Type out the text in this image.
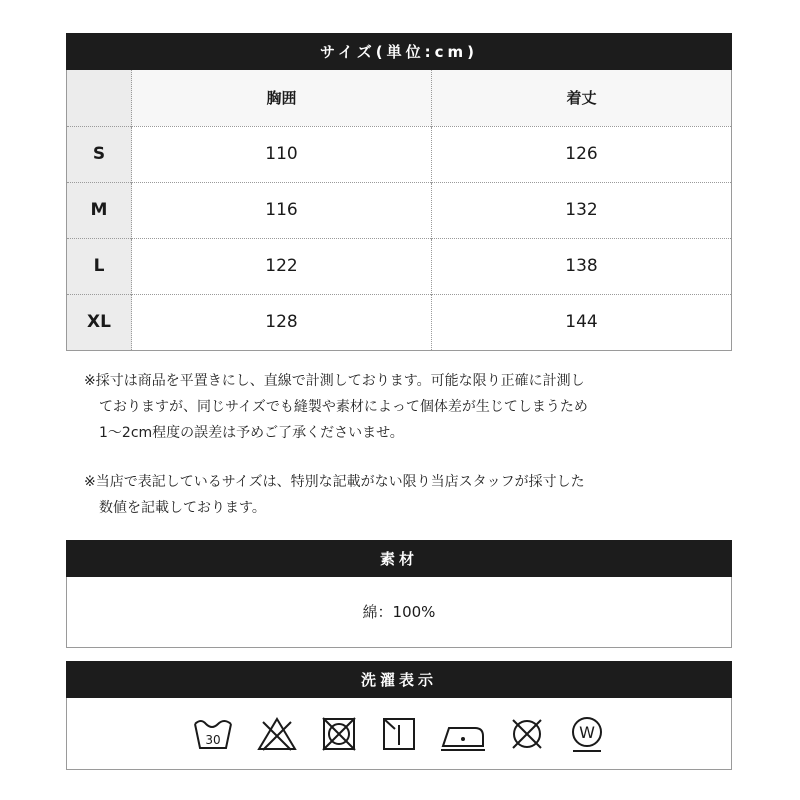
サイズ(単位:cm)
	胸囲	着丈
S	110	126
M	116	132
L	122	138
XL	128	144
※採寸は商品を平置きにし、直線で計測しております。可能な限り正確に計測し
ておりますが、同じサイズでも縫製や素材によって個体差が生じてしまうため
1～2cm程度の誤差は予めご了承くださいませ。
※当店で表記しているサイズは、特別な記載がない限り当店スタッフが採寸した
数値を記載しております。
素材
綿：100%
洗濯表示
30	W
